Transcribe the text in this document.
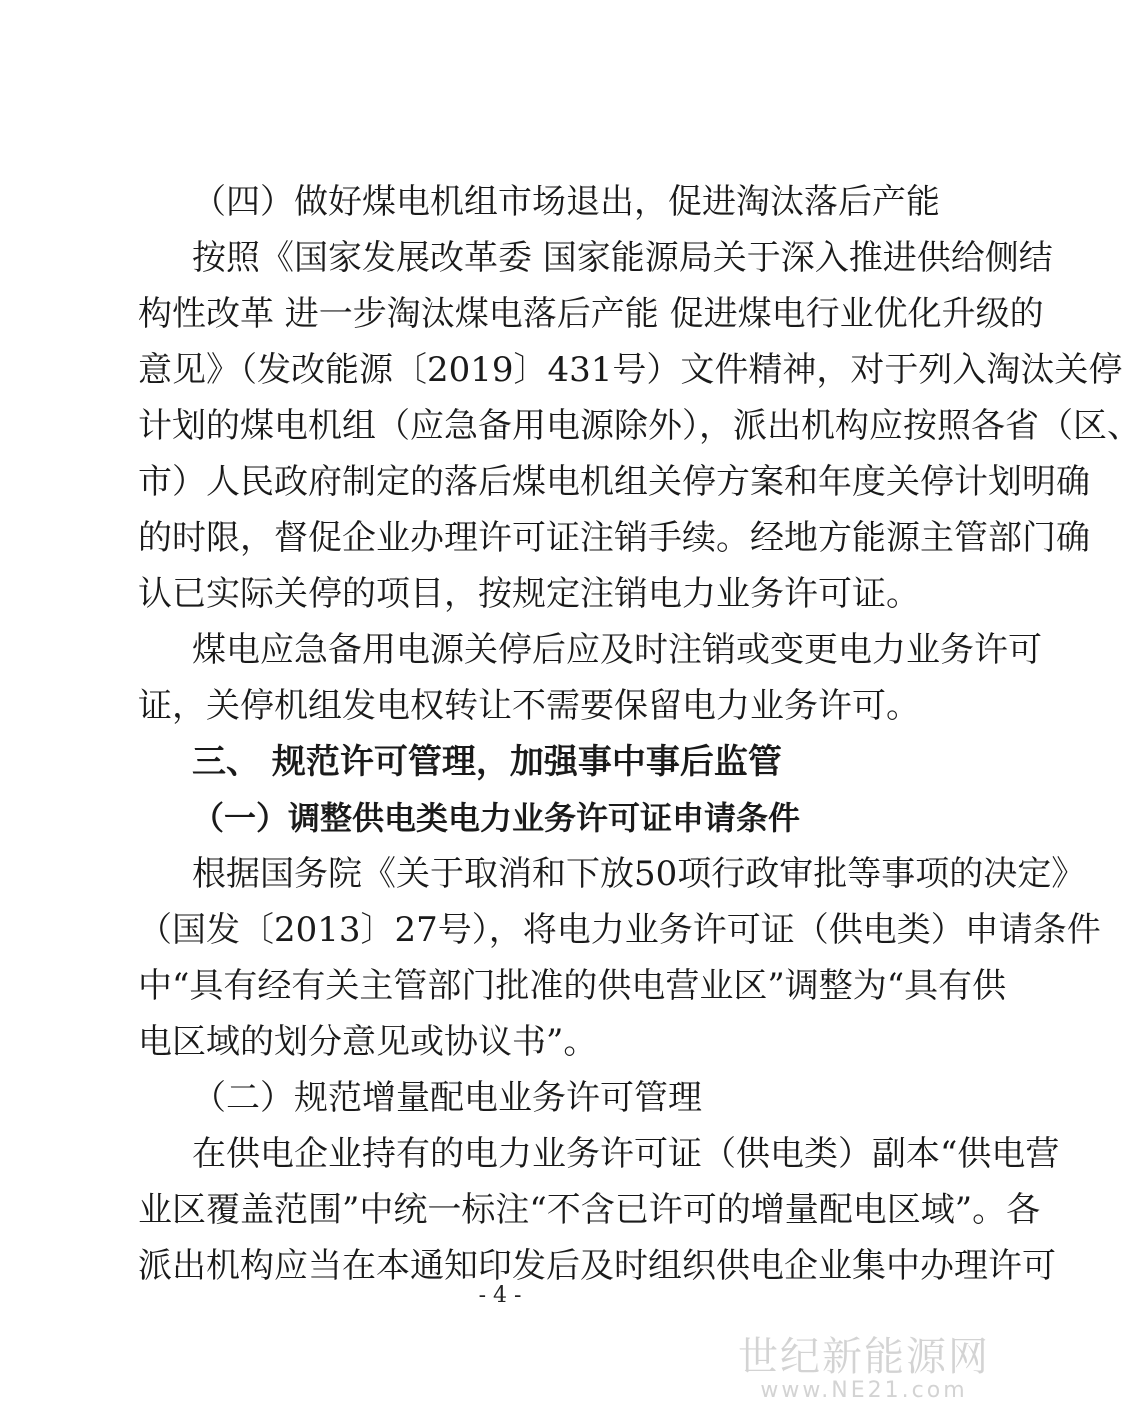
（四）做好煤电机组市场退出，促进淘汰落后产能
按照《国家发展改革委 国家能源局关于深入推进供给侧结
构性改革 进一步淘汰煤电落后产能 促进煤电行业优化升级的
意见》（发改能源〔2019〕431号）文件精神，对于列入淘汰关停
计划的煤电机组（应急备用电源除外），派出机构应按照各省（区、
市）人民政府制定的落后煤电机组关停方案和年度关停计划明确
的时限，督促企业办理许可证注销手续。经地方能源主管部门确
认已实际关停的项目，按规定注销电力业务许可证。
煤电应急备用电源关停后应及时注销或变更电力业务许可
证，关停机组发电权转让不需要保留电力业务许可。
三、 规范许可管理，加强事中事后监管
（一）调整供电类电力业务许可证申请条件
根据国务院《关于取消和下放50项行政审批等事项的决定》
（国发〔2013〕27号），将电力业务许可证（供电类）申请条件
中“具有经有关主管部门批准的供电营业区”调整为“具有供
电区域的划分意见或协议书”。
（二）规范增量配电业务许可管理
在供电企业持有的电力业务许可证（供电类）副本“供电营
业区覆盖范围”中统一标注“不含已许可的增量配电区域”。各
派出机构应当在本通知印发后及时组织供电企业集中办理许可
- 4 -
世纪新能源网
www.NE21.com
